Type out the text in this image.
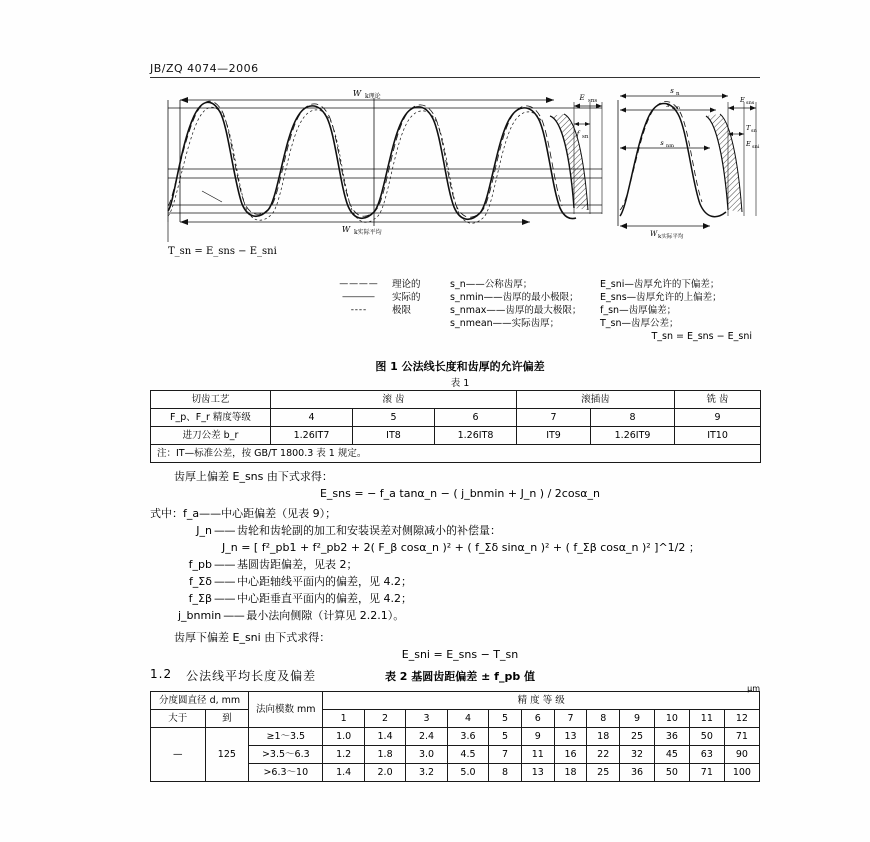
JB/ZQ 4074—2006
W k理论
W k实际平均
E sns
f sn
E sns
T sn
E sni
s n
s nm
s nm
W k实际平均
T_sn = E_sns − E_sni
— — — —	理论的
————	实际的
- - - -	极限
s_n——公称齿厚；
s_nmin——齿厚的最小极限；
s_nmax——齿厚的最大极限；
s_nmean——实际齿厚；
E_sni—齿厚允许的下偏差；
E_sns—齿厚允许的上偏差；
f_sn—齿厚偏差；
T_sn—齿厚公差；
T_sn = E_sns − E_sni
图 1 公法线长度和齿厚的允许偏差
表 1
切齿工艺	滚 齿			滚插齿		铣 齿
F_p、F_r 精度等级	4	5	6	7	8	9
进刀公差 b_r	1.26IT7	IT8	1.26IT8	IT9	1.26IT9	IT10
注：IT—标准公差，按 GB/T 1800.3 表 1 规定。						
齿厚上偏差 E_sns 由下式求得：
E_sns = − f_a tanα_n − ( j_bnmin + J_n ) / 2cosα_n
式中：f_a——中心距偏差（见表 9）；
J_n —— 齿轮和齿轮副的加工和安装误差对侧隙减小的补偿量：

J_n = [ f²_pb1 + f²_pb2 + 2( F_β cosα_n )² + ( f_Σδ sinα_n )² + ( f_Σβ cosα_n )² ]^1/2 ；
f_pb —— 基圆齿距偏差，见表 2；
f_Σδ —— 中心距轴线平面内的偏差，见 4.2；
f_Σβ —— 中心距垂直平面内的偏差，见 4.2；
j_bnmin —— 最小法向侧隙（计算见 2.2.1）。
齿厚下偏差 E_sni 由下式求得：
E_sni = E_sns − T_sn
1.2 公法线平均长度及偏差	表 2 基圆齿距偏差 ± f_pb 值
μm
分度圆直径 d, mm		法向模数 mm	精 度 等 级											
大于	到		1	2	3	4	5	6	7	8	9	10	11	12
—	125	≥1～3.5	1.0	1.4	2.4	3.6	5	9	13	18	25	36	50	71
		>3.5～6.3	1.2	1.8	3.0	4.5	7	11	16	22	32	45	63	90
		>6.3～10	1.4	2.0	3.2	5.0	8	13	18	25	36	50	71	100
